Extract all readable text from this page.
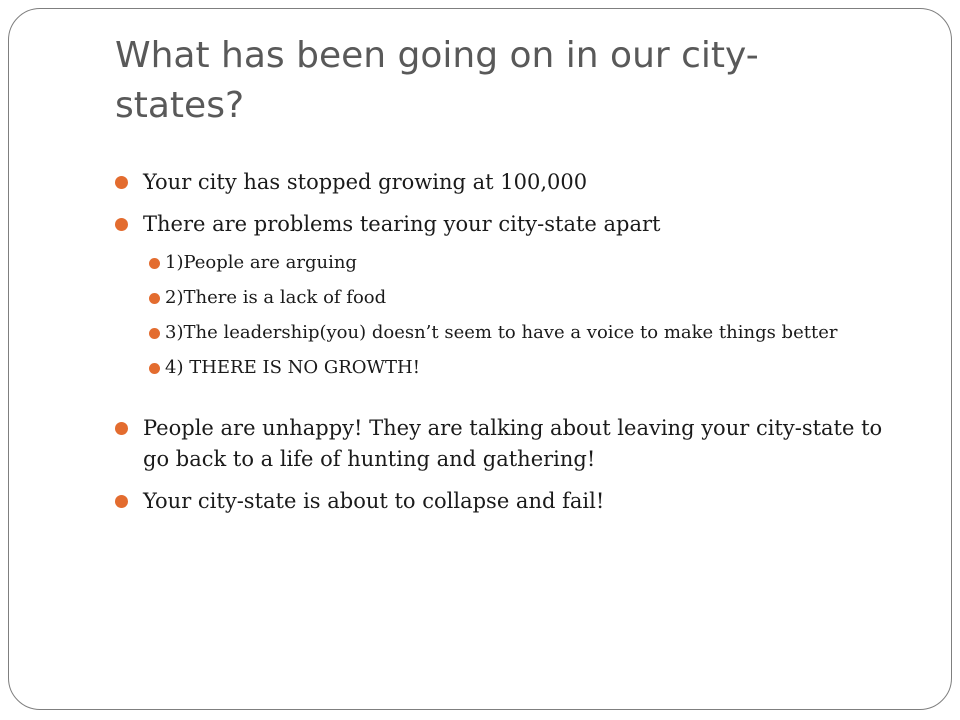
What has been going on in our city-states?
Your city has stopped growing at 100,000
There are problems tearing your city-state apart
1)People are arguing
2)There is a lack of food
3)The leadership(you) doesn’t seem to have a voice to make things better
4) THERE IS NO GROWTH!
People are unhappy! They are talking about leaving your city-state to go back to a life of hunting and gathering!
Your city-state is about to collapse and fail!
